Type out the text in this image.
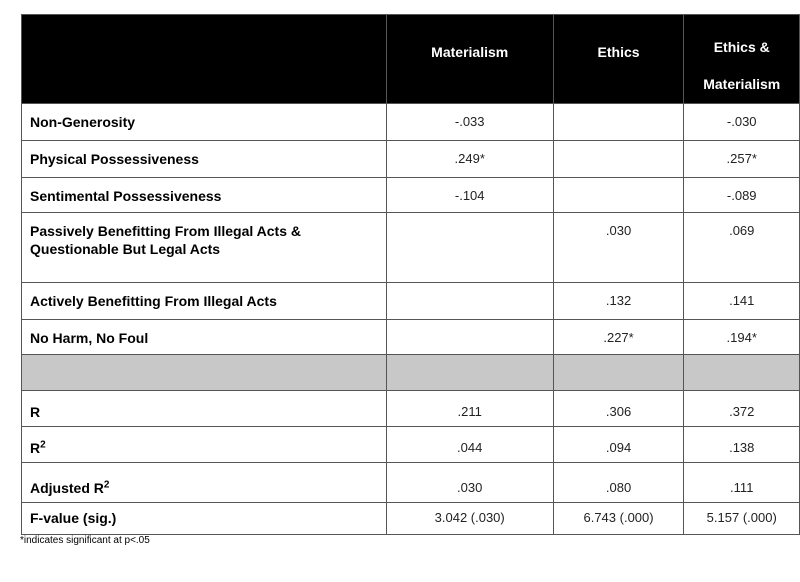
	Materialism	Ethics	Ethics &
Materialism
Non-Generosity	-.033		-.030
Physical Possessiveness	.249*		.257*
Sentimental Possessiveness	-.104		-.089
Passively Benefitting From Illegal Acts &
Questionable But Legal Acts		.030	.069
Actively Benefitting From Illegal Acts		.132	.141
No Harm, No Foul		.227*	.194*

R	.211	.306	.372
$R^2$	.044	.094	.138
Adjusted $R^2$	.030	.080	.111
F-value (sig.)	3.042 (.030)	6.743 (.000)	5.157 (.000)
*indicates significant at p<.05
